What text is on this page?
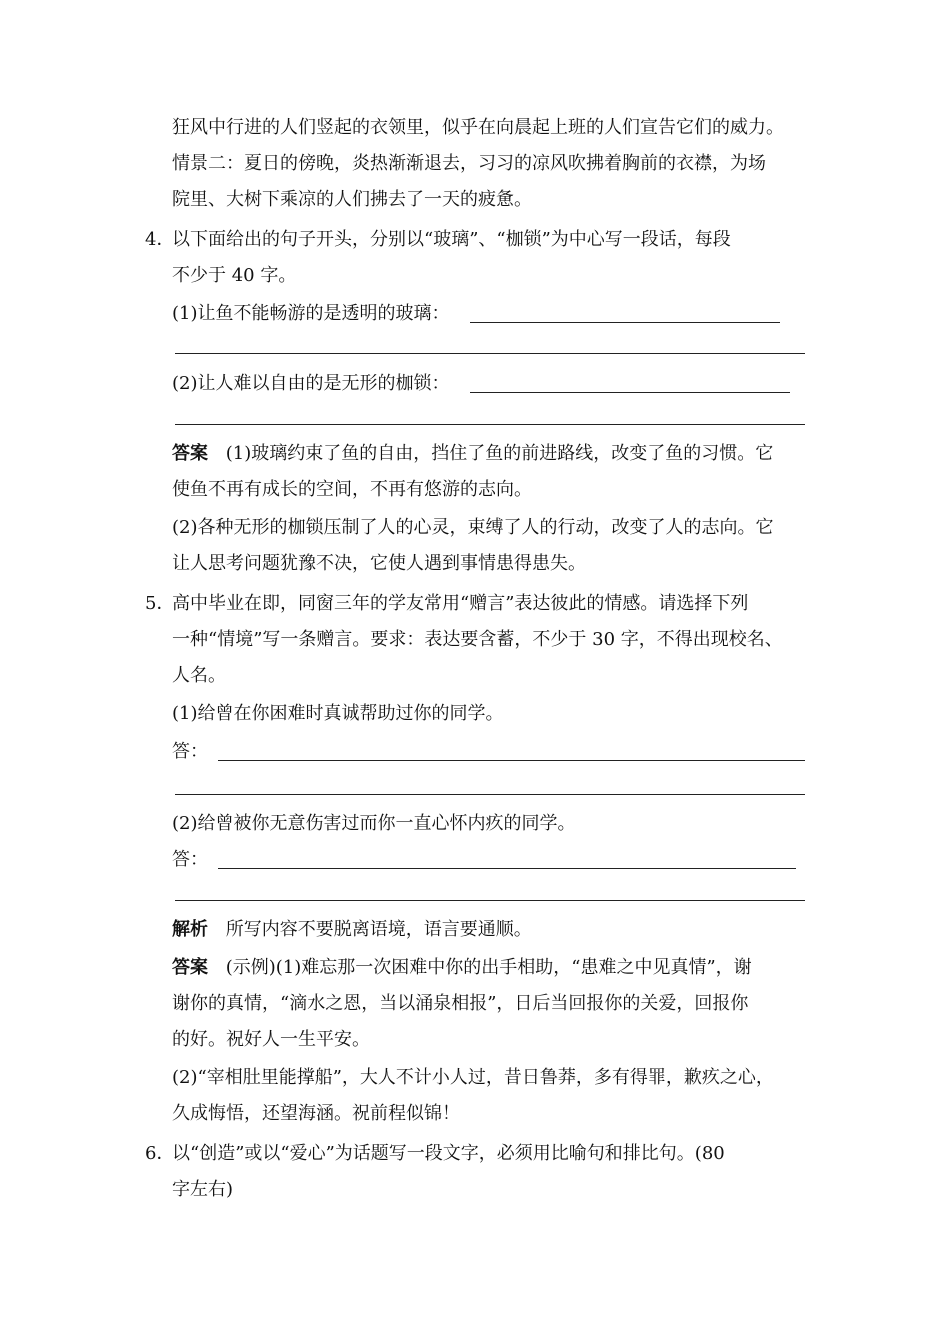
狂风中行进的人们竖起的衣领里，似乎在向晨起上班的人们宣告它们的威力。
情景二：夏日的傍晚，炎热渐渐退去，习习的凉风吹拂着胸前的衣襟，为场
院里、大树下乘凉的人们拂去了一天的疲惫。
4．
以下面给出的句子开头，分别以“玻璃”、“枷锁”为中心写一段话，每段
不少于 40 字。
(1)让鱼不能畅游的是透明的玻璃：
(2)让人难以自由的是无形的枷锁：
答案 (1)玻璃约束了鱼的自由，挡住了鱼的前进路线，改变了鱼的习惯。它
使鱼不再有成长的空间，不再有悠游的志向。
(2)各种无形的枷锁压制了人的心灵，束缚了人的行动，改变了人的志向。它
让人思考问题犹豫不决，它使人遇到事情患得患失。
5．
高中毕业在即，同窗三年的学友常用“赠言”表达彼此的情感。请选择下列
一种“情境”写一条赠言。要求：表达要含蓄，不少于 30 字，不得出现校名、
人名。
(1)给曾在你困难时真诚帮助过你的同学。
答：
(2)给曾被你无意伤害过而你一直心怀内疚的同学。
答：
解析 所写内容不要脱离语境，语言要通顺。
答案 (示例)(1)难忘那一次困难中你的出手相助，“患难之中见真情”，谢
谢你的真情，“滴水之恩，当以涌泉相报”，日后当回报你的关爱，回报你
的好。祝好人一生平安。
(2)“宰相肚里能撑船”，大人不计小人过，昔日鲁莽，多有得罪，歉疚之心，
久成悔悟，还望海涵。祝前程似锦！
6．
以“创造”或以“爱心”为话题写一段文字，必须用比喻句和排比句。(80
字左右)
